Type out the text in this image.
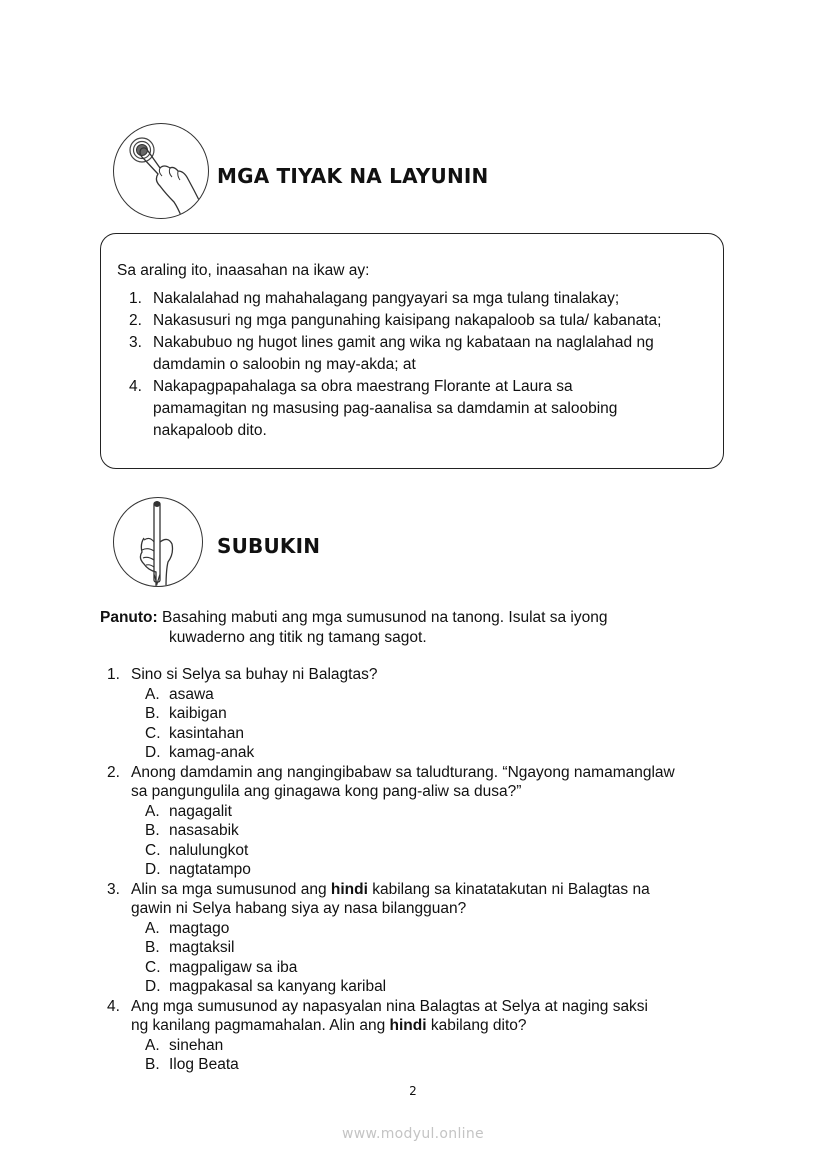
MGA TIYAK NA LAYUNIN
Sa araling ito, inaasahan na ikaw ay:
1. Nakalalahad ng mahahalagang pangyayari sa mga tulang tinalakay;
2. Nakasusuri ng mga pangunahing kaisipang nakapaloob sa tula/ kabanata;
3. Nakabubuo ng hugot lines gamit ang wika ng kabataan na naglalahad ng
damdamin o saloobin ng may-akda; at
4. Nakapagpapahalaga sa obra maestrang Florante at Laura sa
pamamagitan ng masusing pag-aanalisa sa damdamin at saloobing
nakapaloob dito.
SUBUKIN
Panuto: Basahing mabuti ang mga sumusunod na tanong. Isulat sa iyong
kuwaderno ang titik ng tamang sagot.
1. Sino si Selya sa buhay ni Balagtas?
A. asawa
B. kaibigan
C. kasintahan
D. kamag-anak
2. Anong damdamin ang nangingibabaw sa taludturang. “Ngayong namamanglaw
sa pangungulila ang ginagawa kong pang-aliw sa dusa?”
A. nagagalit
B. nasasabik
C. nalulungkot
D. nagtatampo
3. Alin sa mga sumusunod ang hindi kabilang sa kinatatakutan ni Balagtas na
gawin ni Selya habang siya ay nasa bilangguan?
A. magtago
B. magtaksil
C. magpaligaw sa iba
D. magpakasal sa kanyang karibal
4. Ang mga sumusunod ay napasyalan nina Balagtas at Selya at naging saksi
ng kanilang pagmamahalan. Alin ang hindi kabilang dito?
A. sinehan
B. Ilog Beata
2
www.modyul.online
